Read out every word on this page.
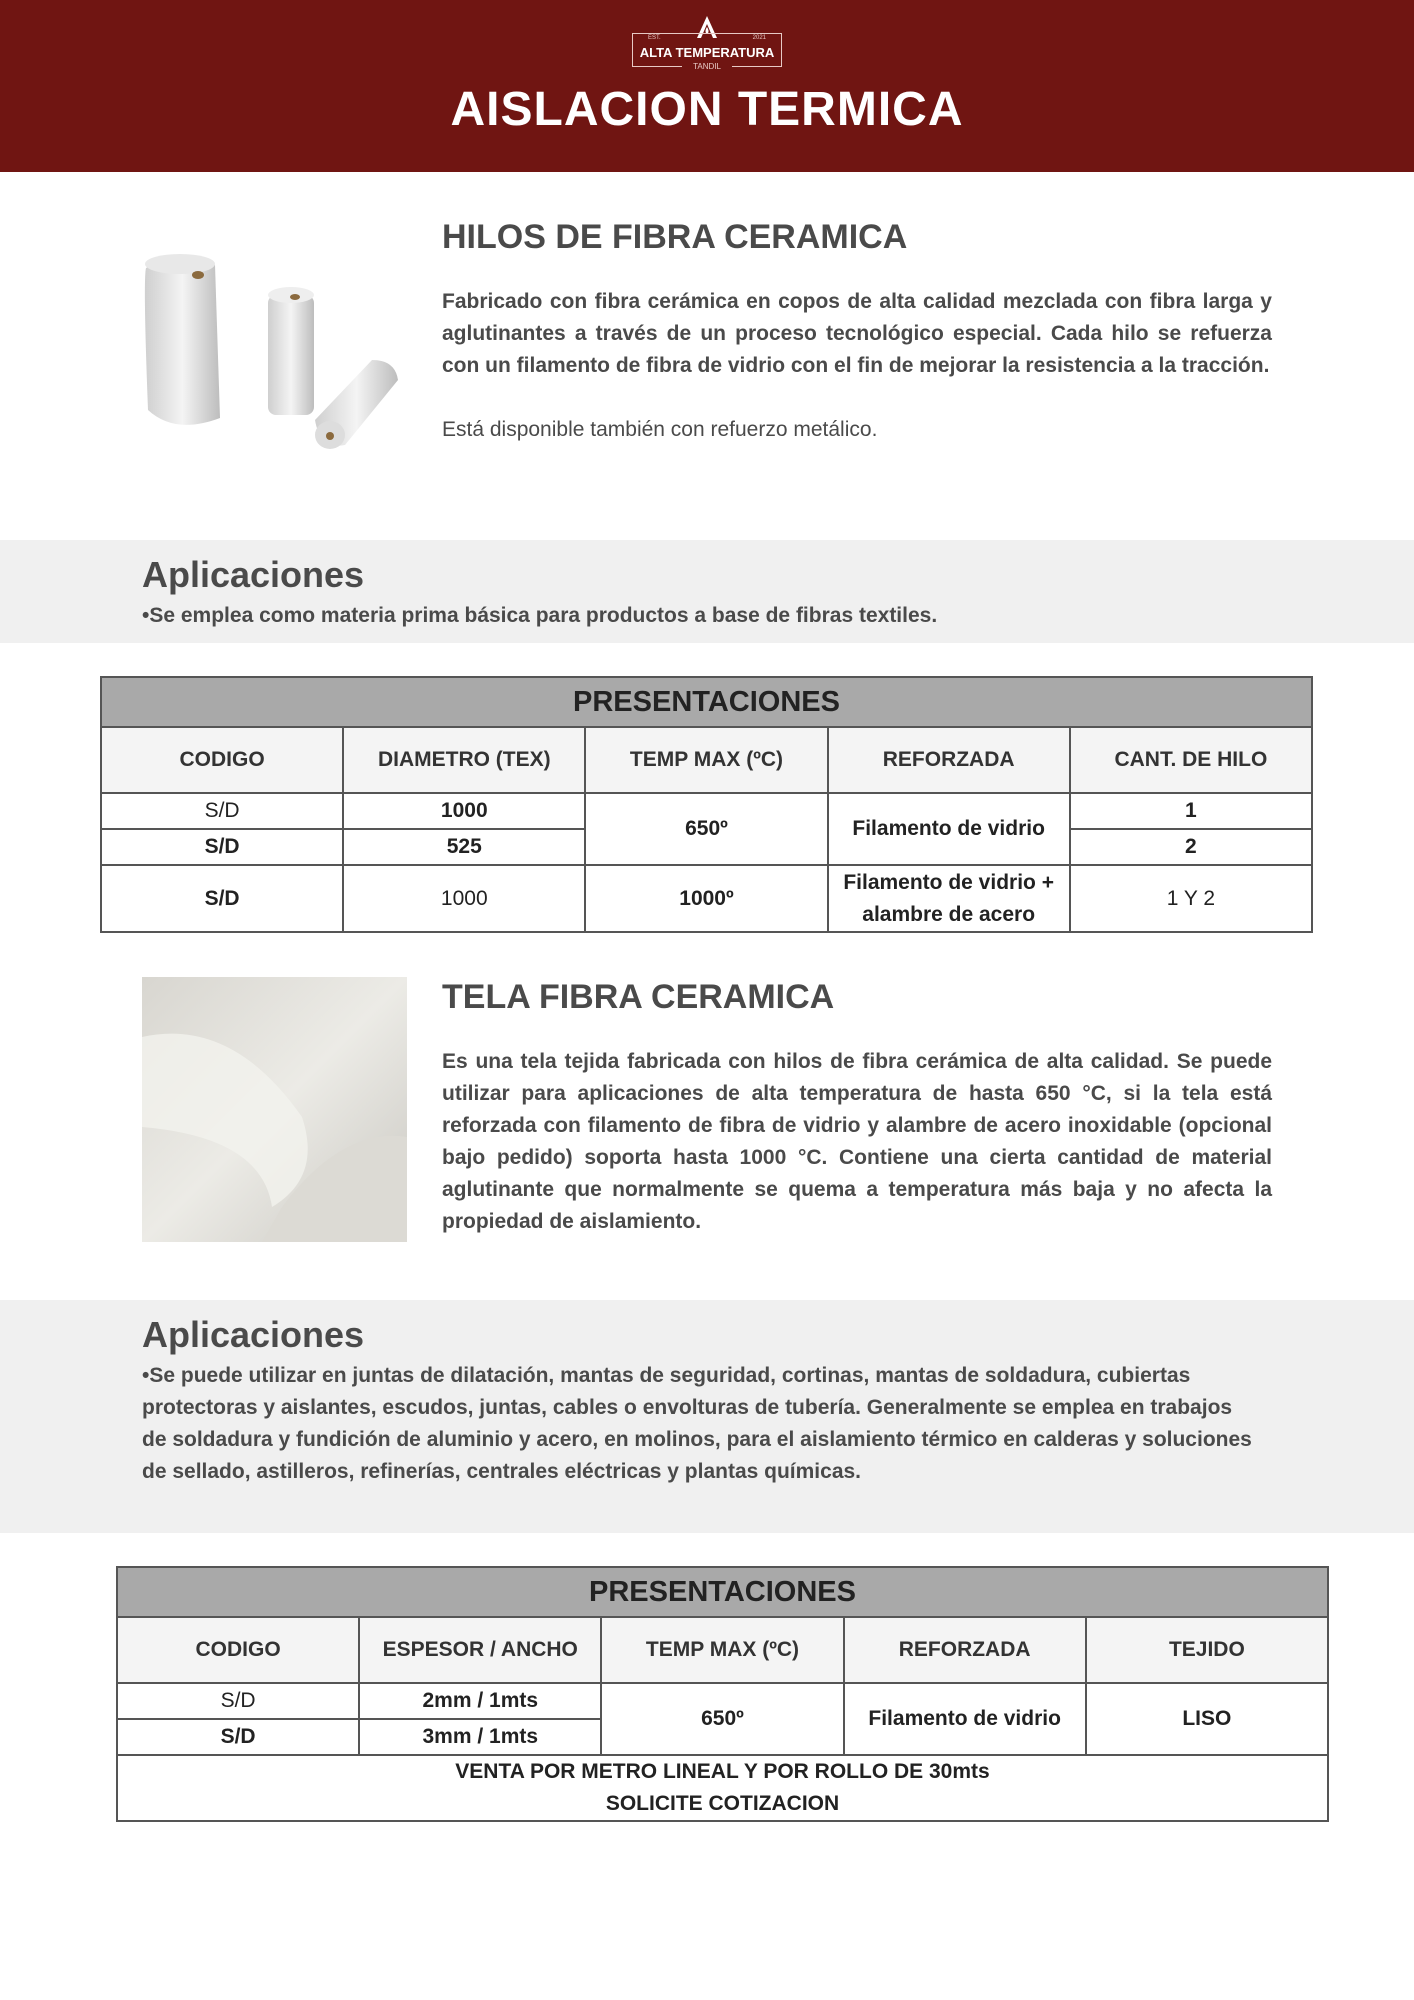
EST.	2021
ALTA TEMPERATURA
TANDIL
AISLACION TERMICA
HILOS DE FIBRA CERAMICA
Fabricado con fibra cerámica en copos de alta calidad mezclada con fibra larga y aglutinantes a través de un proceso tecnológico especial. Cada hilo se refuerza con un filamento de fibra de vidrio con el fin de mejorar la resistencia a la tracción.
Está disponible también con refuerzo metálico.
Aplicaciones

•Se emplea como materia prima básica para productos a base de fibras textiles.

PRESENTACIONES				
CODIGO	DIAMETRO (TEX)	TEMP MAX (ºC)	REFORZADA	CANT. DE HILO
S/D	1000	650º	Filamento de vidrio	1
S/D	525			2
S/D	1000	1000º	Filamento de vidrio + alambre de acero	1 Y 2
TELA FIBRA CERAMICA
Es una tela tejida fabricada con hilos de fibra cerámica de alta calidad. Se puede utilizar para aplicaciones de alta temperatura de hasta 650 °C, si la tela está reforzada con filamento de fibra de vidrio y alambre de acero inoxidable (opcional bajo pedido) soporta hasta 1000 °C. Contiene una cierta cantidad de material aglutinante que normalmente se quema a temperatura más baja y no afecta la propiedad de aislamiento.
Aplicaciones

•Se puede utilizar en juntas de dilatación, mantas de seguridad, cortinas, mantas de soldadura, cubiertas protectoras y aislantes, escudos, juntas, cables o envolturas de tubería. Generalmente se emplea en trabajos de soldadura y fundición de aluminio y acero, en molinos, para el aislamiento térmico en calderas y soluciones de sellado, astilleros, refinerías, centrales eléctricas y plantas químicas.

PRESENTACIONES				
CODIGO	ESPESOR / ANCHO	TEMP MAX (ºC)	REFORZADA	TEJIDO
S/D	2mm / 1mts	650º	Filamento de vidrio	LISO
S/D	3mm / 1mts			

VENTA POR METRO LINEAL Y POR ROLLO DE 30mts
SOLICITE COTIZACION				
